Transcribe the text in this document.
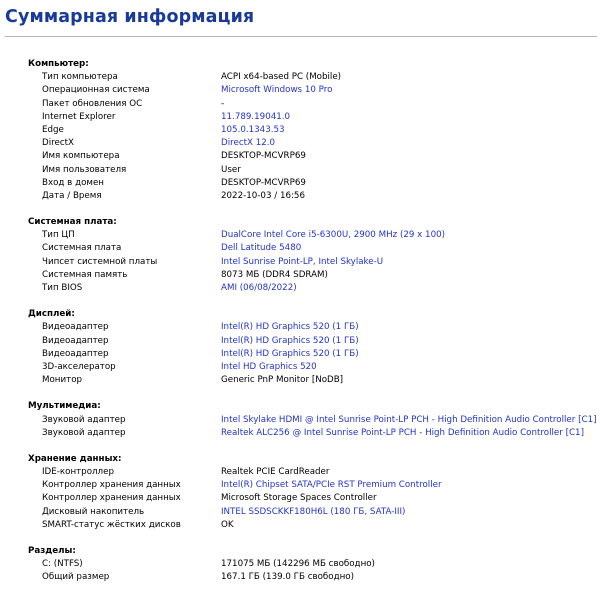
Суммарная информация
Компьютер:
Тип компьютера	ACPI x64-based PC (Mobile)
Операционная система	Microsoft Windows 10 Pro
Пакет обновления ОС	-
Internet Explorer	11.789.19041.0
Edge	105.0.1343.53
DirectX	DirectX 12.0
Имя компьютера	DESKTOP-MCVRP69
Имя пользователя	User
Вход в домен	DESKTOP-MCVRP69
Дата / Время	2022-10-03 / 16:56
Системная плата:
Тип ЦП	DualCore Intel Core i5-6300U, 2900 MHz (29 x 100)
Системная плата	Dell Latitude 5480
Чипсет системной платы	Intel Sunrise Point-LP, Intel Skylake-U
Системная память	8073 МБ (DDR4 SDRAM)
Тип BIOS	AMI (06/08/2022)
Дисплей:
Видеоадаптер	Intel(R) HD Graphics 520 (1 ГБ)
Видеоадаптер	Intel(R) HD Graphics 520 (1 ГБ)
Видеоадаптер	Intel(R) HD Graphics 520 (1 ГБ)
3D-акселератор	Intel HD Graphics 520
Монитор	Generic PnP Monitor [NoDB]
Мультимедиа:
Звуковой адаптер	Intel Skylake HDMI @ Intel Sunrise Point-LP PCH - High Definition Audio Controller [C1]
Звуковой адаптер	Realtek ALC256 @ Intel Sunrise Point-LP PCH - High Definition Audio Controller [C1]
Хранение данных:
IDE-контроллер	Realtek PCIE CardReader
Контроллер хранения данных	Intel(R) Chipset SATA/PCIe RST Premium Controller
Контроллер хранения данных	Microsoft Storage Spaces Controller
Дисковый накопитель	INTEL SSDSCKKF180H6L (180 ГБ, SATA-III)
SMART-статус жёстких дисков	OK
Разделы:
C: (NTFS)	171075 МБ (142296 МБ свободно)
Общий размер	167.1 ГБ (139.0 ГБ свободно)
